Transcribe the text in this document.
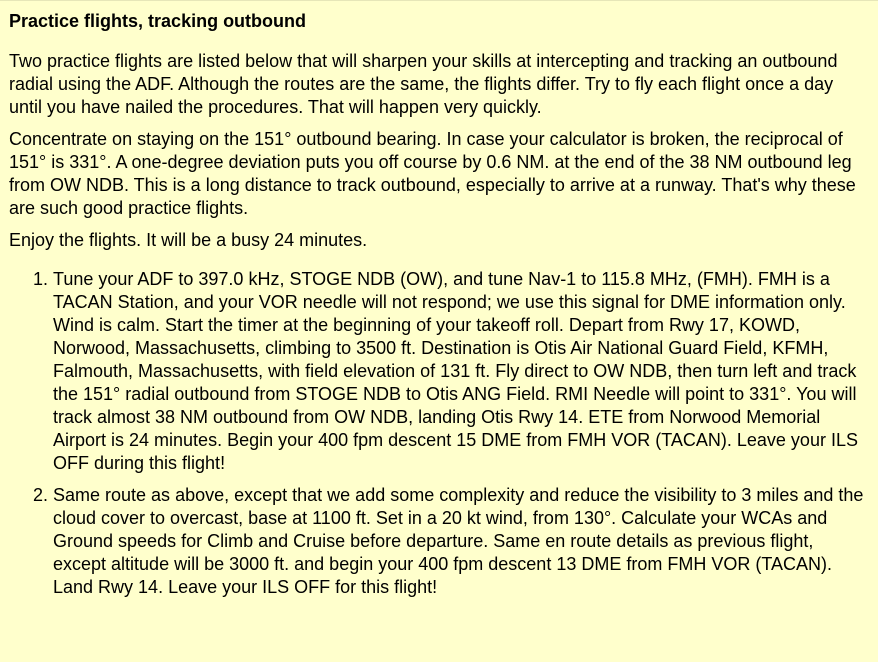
Practice flights, tracking outbound

Two practice flights are listed below that will sharpen your skills at intercepting and tracking an outbound radial using the ADF. Although the routes are the same, the flights differ. Try to fly each flight once a day until you have nailed the procedures. That will happen very quickly.

Concentrate on staying on the 151° outbound bearing. In case your calculator is broken, the reciprocal of 151° is 331°. A one-degree deviation puts you off course by 0.6 NM. at the end of the 38 NM outbound leg from OW NDB. This is a long distance to track outbound, especially to arrive at a runway. That's why these are such good practice flights.

Enjoy the flights. It will be a busy 24 minutes.

1. Tune your ADF to 397.0 kHz, STOGE NDB (OW), and tune Nav-1 to 115.8 MHz, (FMH). FMH is a TACAN Station, and your VOR needle will not respond; we use this signal for DME information only. Wind is calm. Start the timer at the beginning of your takeoff roll. Depart from Rwy 17, KOWD, Norwood, Massachusetts, climbing to 3500 ft. Destination is Otis Air National Guard Field, KFMH, Falmouth, Massachusetts, with field elevation of 131 ft. Fly direct to OW NDB, then turn left and track the 151° radial outbound from STOGE NDB to Otis ANG Field. RMI Needle will point to 331°. You will track almost 38 NM outbound from OW NDB, landing Otis Rwy 14. ETE from Norwood Memorial Airport is 24 minutes. Begin your 400 fpm descent 15 DME from FMH VOR (TACAN). Leave your ILS OFF during this flight!
2. Same route as above, except that we add some complexity and reduce the visibility to 3 miles and the cloud cover to overcast, base at 1100 ft. Set in a 20 kt wind, from 130°. Calculate your WCAs and Ground speeds for Climb and Cruise before departure. Same en route details as previous flight, except altitude will be 3000 ft. and begin your 400 fpm descent 13 DME from FMH VOR (TACAN). Land Rwy 14. Leave your ILS OFF for this flight!
